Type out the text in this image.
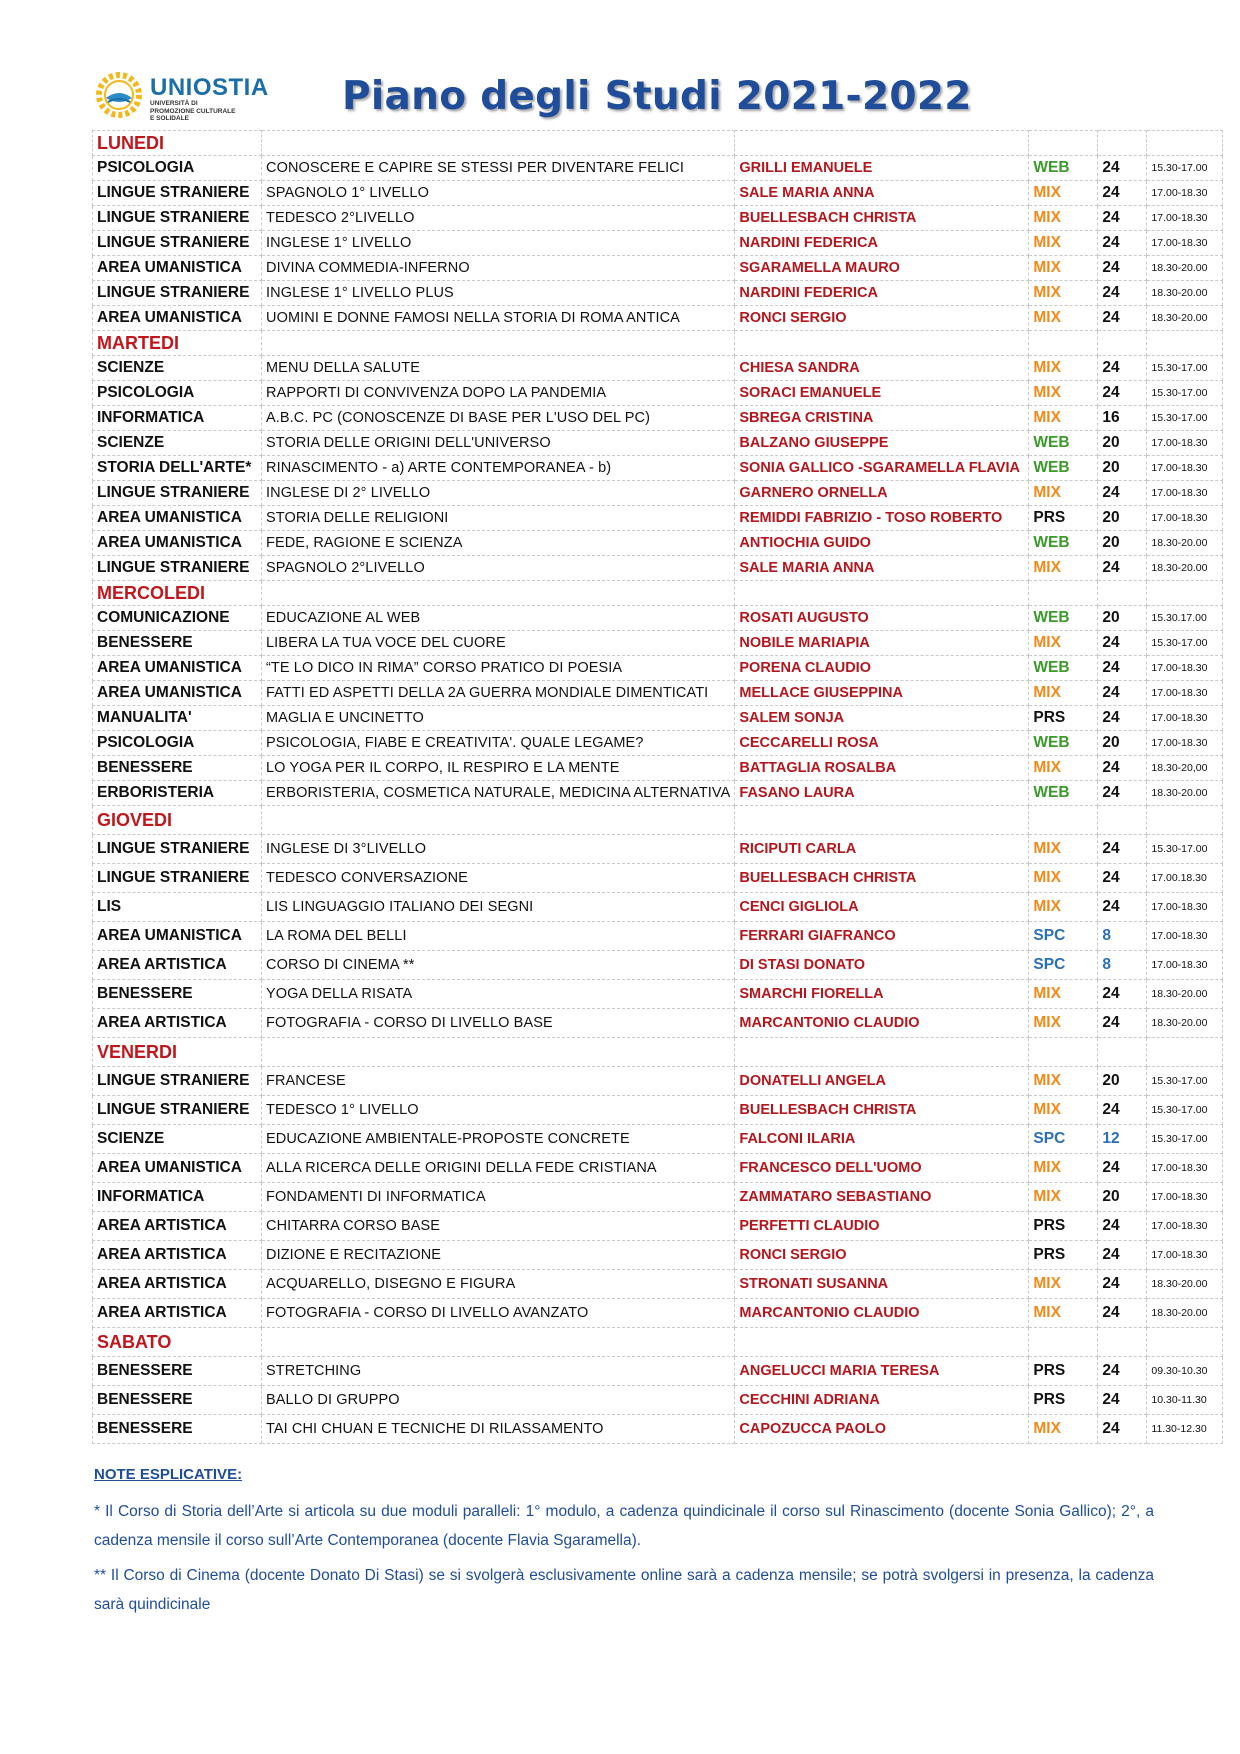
UNIOSTIA
UNIVERSITÀ DI PROMOZIONE CULTURALE E SOLIDALE	Piano degli Studi 2021-2022
LUNEDI					
PSICOLOGIA	CONOSCERE E CAPIRE SE STESSI PER DIVENTARE FELICI	GRILLI EMANUELE	WEB	24	15.30-17.00
LINGUE STRANIERE	SPAGNOLO 1° LIVELLO	SALE MARIA ANNA	MIX	24	17.00-18.30
LINGUE STRANIERE	TEDESCO 2°LIVELLO	BUELLESBACH CHRISTA	MIX	24	17.00-18.30
LINGUE STRANIERE	INGLESE 1° LIVELLO	NARDINI FEDERICA	MIX	24	17.00-18.30
AREA UMANISTICA	DIVINA COMMEDIA-INFERNO	SGARAMELLA MAURO	MIX	24	18.30-20.00
LINGUE STRANIERE	INGLESE 1° LIVELLO PLUS	NARDINI FEDERICA	MIX	24	18.30-20.00
AREA UMANISTICA	UOMINI E DONNE FAMOSI NELLA STORIA DI ROMA ANTICA	RONCI SERGIO	MIX	24	18.30-20.00
MARTEDI					
SCIENZE	MENU DELLA SALUTE	CHIESA SANDRA	MIX	24	15.30-17.00
PSICOLOGIA	RAPPORTI DI CONVIVENZA DOPO LA PANDEMIA	SORACI EMANUELE	MIX	24	15.30-17.00
INFORMATICA	A.B.C. PC (CONOSCENZE DI BASE PER L'USO DEL PC)	SBREGA CRISTINA	MIX	16	15.30-17.00
SCIENZE	STORIA DELLE ORIGINI DELL'UNIVERSO	BALZANO GIUSEPPE	WEB	20	17.00-18.30
STORIA DELL'ARTE*	RINASCIMENTO - a) ARTE CONTEMPORANEA - b)	SONIA GALLICO -SGARAMELLA FLAVIA	WEB	20	17.00-18.30
LINGUE STRANIERE	INGLESE DI 2° LIVELLO	GARNERO ORNELLA	MIX	24	17.00-18.30
AREA UMANISTICA	STORIA DELLE RELIGIONI	REMIDDI FABRIZIO - TOSO ROBERTO	PRS	20	17.00-18.30
AREA UMANISTICA	FEDE, RAGIONE E SCIENZA	ANTIOCHIA GUIDO	WEB	20	18.30-20.00
LINGUE STRANIERE	SPAGNOLO 2°LIVELLO	SALE MARIA ANNA	MIX	24	18.30-20.00
MERCOLEDI					
COMUNICAZIONE	EDUCAZIONE AL WEB	ROSATI AUGUSTO	WEB	20	15.30.17.00
BENESSERE	LIBERA LA TUA VOCE DEL CUORE	NOBILE MARIAPIA	MIX	24	15.30-17.00
AREA UMANISTICA	“TE LO DICO IN RIMA” CORSO PRATICO DI POESIA	PORENA CLAUDIO	WEB	24	17.00-18.30
AREA UMANISTICA	FATTI ED ASPETTI DELLA 2A GUERRA MONDIALE DIMENTICATI	MELLACE GIUSEPPINA	MIX	24	17.00-18.30
MANUALITA'	MAGLIA E UNCINETTO	SALEM SONJA	PRS	24	17.00-18.30
PSICOLOGIA	PSICOLOGIA, FIABE E CREATIVITA'. QUALE LEGAME?	CECCARELLI ROSA	WEB	20	17.00-18.30
BENESSERE	LO YOGA PER IL CORPO, IL RESPIRO E LA MENTE	BATTAGLIA ROSALBA	MIX	24	18.30-20,00
ERBORISTERIA	ERBORISTERIA, COSMETICA NATURALE, MEDICINA ALTERNATIVA	FASANO LAURA	WEB	24	18.30-20.00
GIOVEDI					
LINGUE STRANIERE	INGLESE DI 3°LIVELLO	RICIPUTI CARLA	MIX	24	15.30-17.00
LINGUE STRANIERE	TEDESCO CONVERSAZIONE	BUELLESBACH CHRISTA	MIX	24	17.00.18.30
LIS	LIS LINGUAGGIO ITALIANO DEI SEGNI	CENCI GIGLIOLA	MIX	24	17.00-18.30
AREA UMANISTICA	LA ROMA DEL BELLI	FERRARI GIAFRANCO	SPC	8	17.00-18.30
AREA ARTISTICA	CORSO DI CINEMA **	DI STASI DONATO	SPC	8	17.00-18.30
BENESSERE	YOGA DELLA RISATA	SMARCHI FIORELLA	MIX	24	18.30-20.00
AREA ARTISTICA	FOTOGRAFIA - CORSO DI LIVELLO BASE	MARCANTONIO CLAUDIO	MIX	24	18.30-20.00
VENERDI					
LINGUE STRANIERE	FRANCESE	DONATELLI ANGELA	MIX	20	15.30-17.00
LINGUE STRANIERE	TEDESCO 1° LIVELLO	BUELLESBACH CHRISTA	MIX	24	15.30-17.00
SCIENZE	EDUCAZIONE AMBIENTALE-PROPOSTE CONCRETE	FALCONI ILARIA	SPC	12	15.30-17.00
AREA UMANISTICA	ALLA RICERCA DELLE ORIGINI DELLA FEDE CRISTIANA	FRANCESCO DELL'UOMO	MIX	24	17.00-18.30
INFORMATICA	FONDAMENTI DI INFORMATICA	ZAMMATARO SEBASTIANO	MIX	20	17.00-18.30
AREA ARTISTICA	CHITARRA CORSO BASE	PERFETTI CLAUDIO	PRS	24	17.00-18.30
AREA ARTISTICA	DIZIONE E RECITAZIONE	RONCI SERGIO	PRS	24	17.00-18.30
AREA ARTISTICA	ACQUARELLO, DISEGNO E FIGURA	STRONATI SUSANNA	MIX	24	18.30-20.00
AREA ARTISTICA	FOTOGRAFIA - CORSO DI LIVELLO AVANZATO	MARCANTONIO CLAUDIO	MIX	24	18.30-20.00
SABATO					
BENESSERE	STRETCHING	ANGELUCCI MARIA TERESA	PRS	24	09.30-10.30
BENESSERE	BALLO DI GRUPPO	CECCHINI ADRIANA	PRS	24	10.30-11.30
BENESSERE	TAI CHI CHUAN E TECNICHE DI RILASSAMENTO	CAPOZUCCA PAOLO	MIX	24	11.30-12.30
NOTE ESPLICATIVE:
* Il Corso di Storia dell’Arte si articola su due moduli paralleli: 1° modulo, a cadenza quindicinale il corso sul Rinascimento (docente Sonia Gallico); 2°, a cadenza mensile il corso sull’Arte Contemporanea (docente Flavia Sgaramella).
** Il Corso di Cinema (docente Donato Di Stasi) se si svolgerà esclusivamente online sarà a cadenza mensile; se potrà svolgersi in presenza, la cadenza sarà quindicinale
